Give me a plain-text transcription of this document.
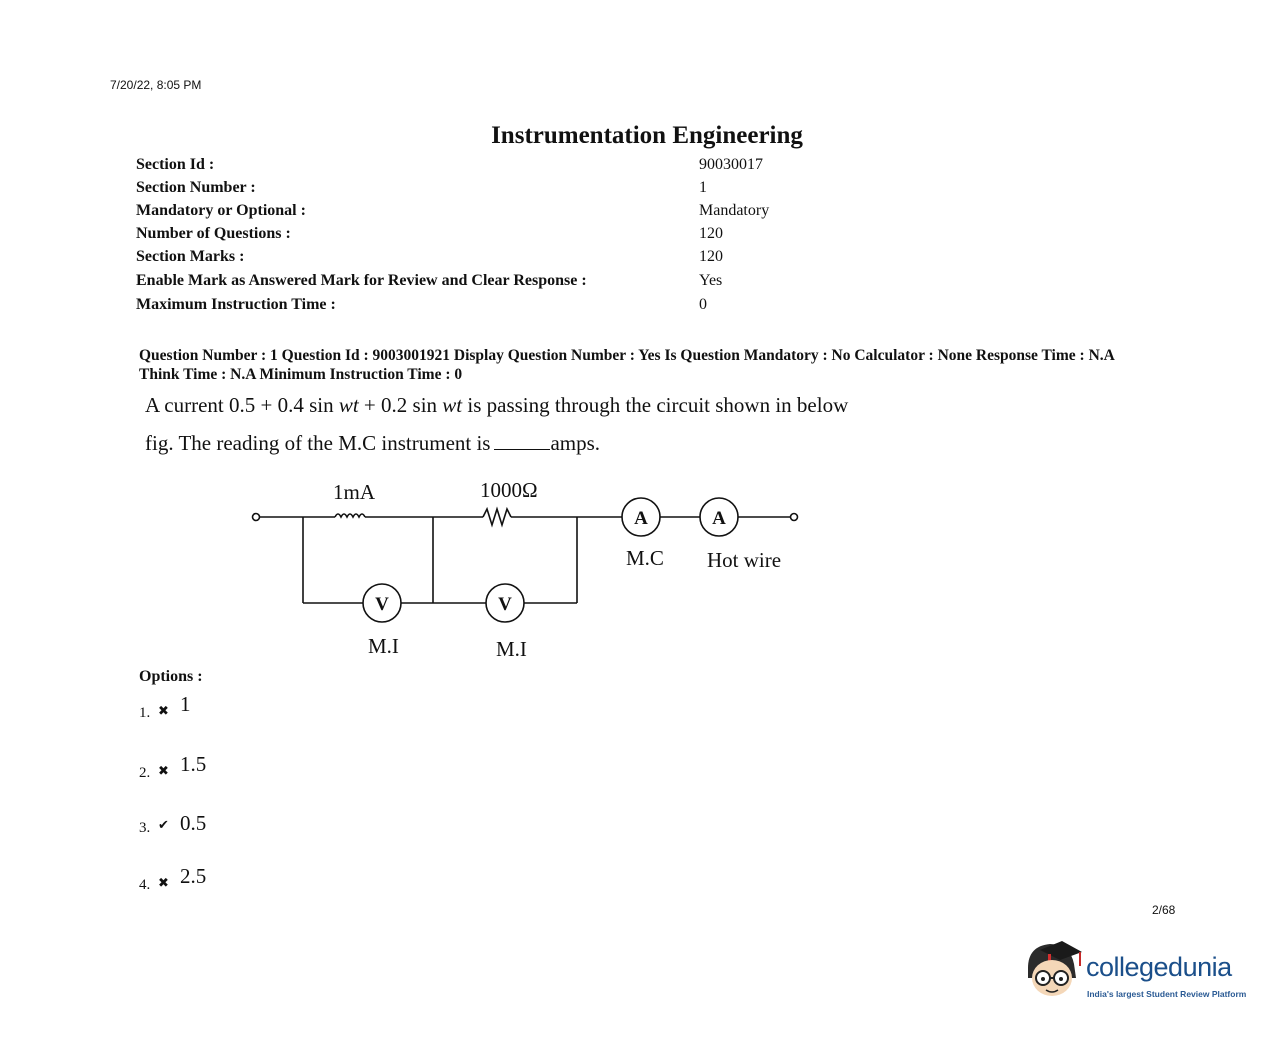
7/20/22, 8:05 PM
Instrumentation Engineering
Section Id :	90030017
Section Number :	1
Mandatory or Optional :	Mandatory
Number of Questions :	120
Section Marks :	120
Enable Mark as Answered Mark for Review and Clear Response :	Yes
Maximum Instruction Time :	0
Question Number : 1 Question Id : 9003001921 Display Question Number : Yes Is Question Mandatory : No Calculator : None Response Time : N.A Think Time : N.A Minimum Instruction Time : 0
A current 0.5 + 0.4 sin wt + 0.2 sin wt is passing through the circuit shown in below
fig. The reading of the M.C instrument is	amps.
1mA	1000Ω
A	A
V	V
M.C Hot wire
M.I	M.I
Options :
1. ✖ 1
2. ✖ 1.5
3. ✔ 0.5
4. ✖ 2.5
2/68
collegedunia
India's largest Student Review Platform
